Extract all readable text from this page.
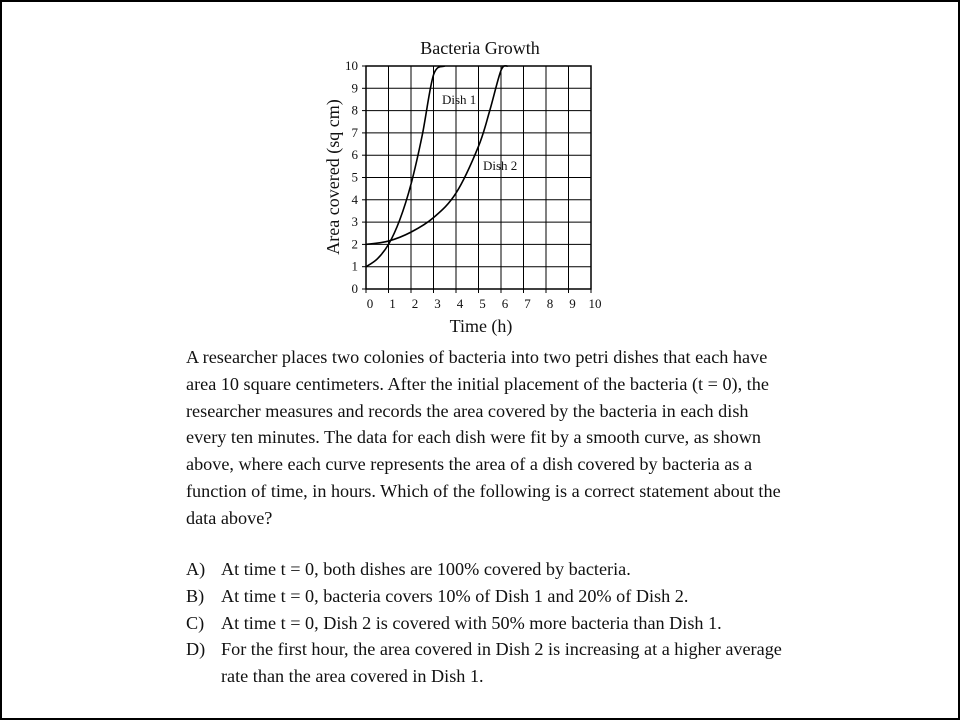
Bacteria Growth
0
1
2
3
4
5
6
7
8
9
10
0 1 2 3 4 5 6 7 8 9 10
Dish 1
Dish 2
Time (h)
Area covered (sq cm)

A researcher places two colonies of bacteria into two petri dishes that each have area 10 square centimeters. After the initial placement of the bacteria (t = 0), the researcher measures and records the area covered by the bacteria in each dish every ten minutes. The data for each dish were fit by a smooth curve, as shown above, where each curve represents the area of a dish covered by bacteria as a function of time, in hours. Which of the following is a correct statement about the data above?

A) At time t = 0, both dishes are 100% covered by bacteria.
B) At time t = 0, bacteria covers 10% of Dish 1 and 20% of Dish 2.
C) At time t = 0, Dish 2 is covered with 50% more bacteria than Dish 1.
D) For the first hour, the area covered in Dish 2 is increasing at a higher average rate than the area covered in Dish 1.
